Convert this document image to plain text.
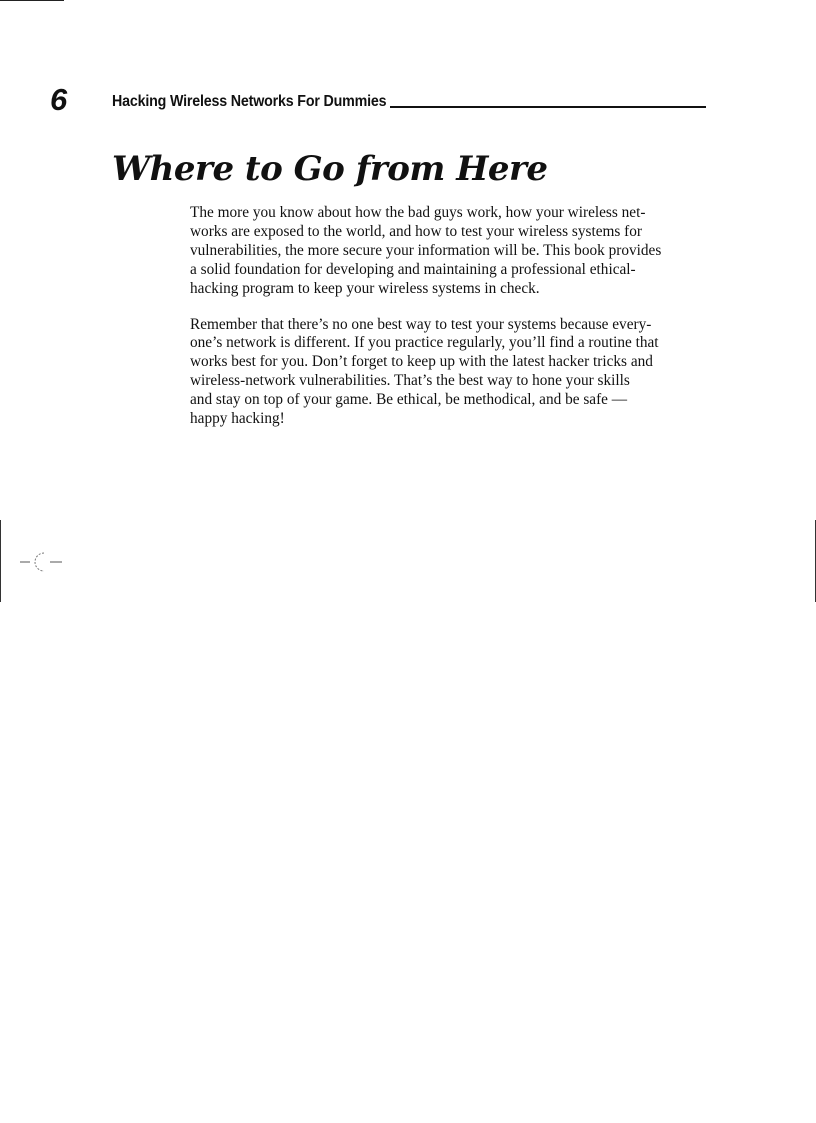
6	Hacking Wireless Networks For Dummies
Where to Go from Here

The more you know about how the bad guys work, how your wireless net-
works are exposed to the world, and how to test your wireless systems for
vulnerabilities, the more secure your information will be. This book provides
a solid foundation for developing and maintaining a professional ethical-
hacking program to keep your wireless systems in check.

Remember that there’s no one best way to test your systems because every-
one’s network is different. If you practice regularly, you’ll find a routine that
works best for you. Don’t forget to keep up with the latest hacker tricks and
wireless-network vulnerabilities. That’s the best way to hone your skills
and stay on top of your game. Be ethical, be methodical, and be safe —
happy hacking!
